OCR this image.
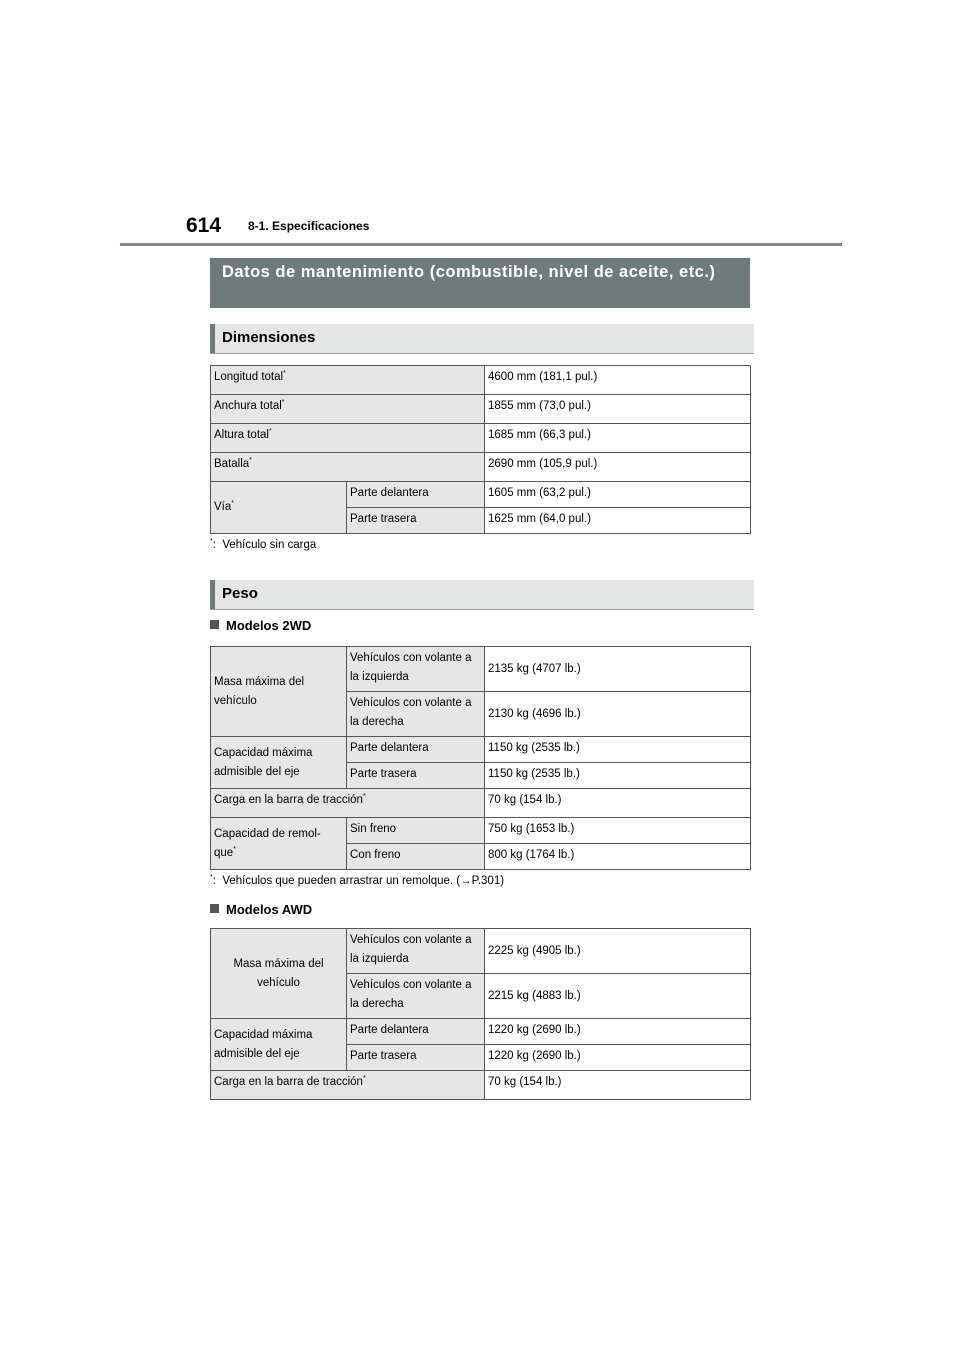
614 8-1. Especificaciones
Datos de mantenimiento (combustible, nivel de aceite, etc.)
Dimensiones
Longitud total*		4600 mm (181,1 pul.)
Anchura total*		1855 mm (73,0 pul.)
Altura total*		1685 mm (66,3 pul.)
Batalla*		2690 mm (105,9 pul.)
Vía*	Parte delantera	1605 mm (63,2 pul.)
	Parte trasera	1625 mm (64,0 pul.)
*: Vehículo sin carga
Peso
Modelos 2WD
Masa máxima del vehículo	Vehículos con volante a la izquierda	2135 kg (4707 lb.)
	Vehículos con volante a la derecha	2130 kg (4696 lb.)
Capacidad máxima admisible del eje	Parte delantera	1150 kg (2535 lb.)
	Parte trasera	1150 kg (2535 lb.)
Carga en la barra de tracción*		70 kg (154 lb.)
Capacidad de remol-
que*	Sin freno	750 kg (1653 lb.)
	Con freno	800 kg (1764 lb.)
*: Vehículos que pueden arrastrar un remolque. (→P.301)
Modelos AWD
Masa máxima del vehículo	Vehículos con volante a la izquierda	2225 kg (4905 lb.)
	Vehículos con volante a la derecha	2215 kg (4883 lb.)
Capacidad máxima admisible del eje	Parte delantera	1220 kg (2690 lb.)
	Parte trasera	1220 kg (2690 lb.)
Carga en la barra de tracción*		70 kg (154 lb.)
